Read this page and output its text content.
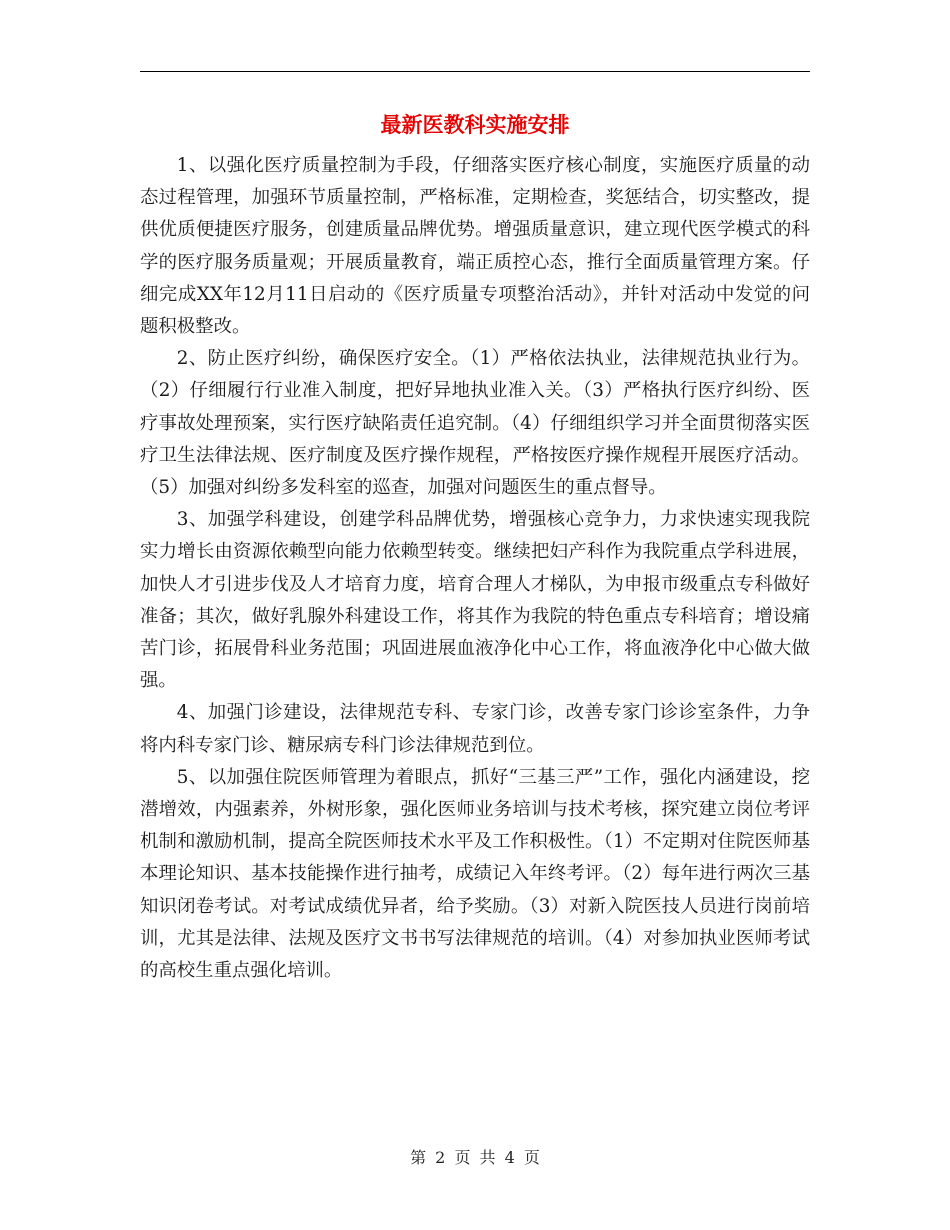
最新医教科实施安排

1、以强化医疗质量控制为手段，仔细落实医疗核心制度，实施医疗质量的动态过程管理，加强环节质量控制，严格标准，定期检查，奖惩结合，切实整改，提供优质便捷医疗服务，创建质量品牌优势。增强质量意识，建立现代医学模式的科学的医疗服务质量观；开展质量教育，端正质控心态，推行全面质量管理方案。仔细完成XX年12月11日启动的《医疗质量专项整治活动》，并针对活动中发觉的问题积极整改。

2、防止医疗纠纷，确保医疗安全。（1）严格依法执业，法律规范执业行为。（2）仔细履行行业准入制度，把好异地执业准入关。（3）严格执行医疗纠纷、医疗事故处理预案，实行医疗缺陷责任追究制。（4）仔细组织学习并全面贯彻落实医疗卫生法律法规、医疗制度及医疗操作规程，严格按医疗操作规程开展医疗活动。（5）加强对纠纷多发科室的巡查，加强对问题医生的重点督导。

3、加强学科建设，创建学科品牌优势，增强核心竞争力，力求快速实现我院实力增长由资源依赖型向能力依赖型转变。继续把妇产科作为我院重点学科进展，加快人才引进步伐及人才培育力度，培育合理人才梯队，为申报市级重点专科做好准备；其次，做好乳腺外科建设工作，将其作为我院的特色重点专科培育；增设痛苦门诊，拓展骨科业务范围；巩固进展血液净化中心工作，将血液净化中心做大做强。

4、加强门诊建设，法律规范专科、专家门诊，改善专家门诊诊室条件，力争将内科专家门诊、糖尿病专科门诊法律规范到位。

5、以加强住院医师管理为着眼点，抓好“三基三严”工作，强化内涵建设，挖潜增效，内强素养，外树形象，强化医师业务培训与技术考核，探究建立岗位考评机制和激励机制，提高全院医师技术水平及工作积极性。（1）不定期对住院医师基本理论知识、基本技能操作进行抽考，成绩记入年终考评。（2）每年进行两次三基知识闭卷考试。对考试成绩优异者，给予奖励。（3）对新入院医技人员进行岗前培训，尤其是法律、法规及医疗文书书写法律规范的培训。（4）对参加执业医师考试的高校生重点强化培训。

第 2 页 共 4 页
